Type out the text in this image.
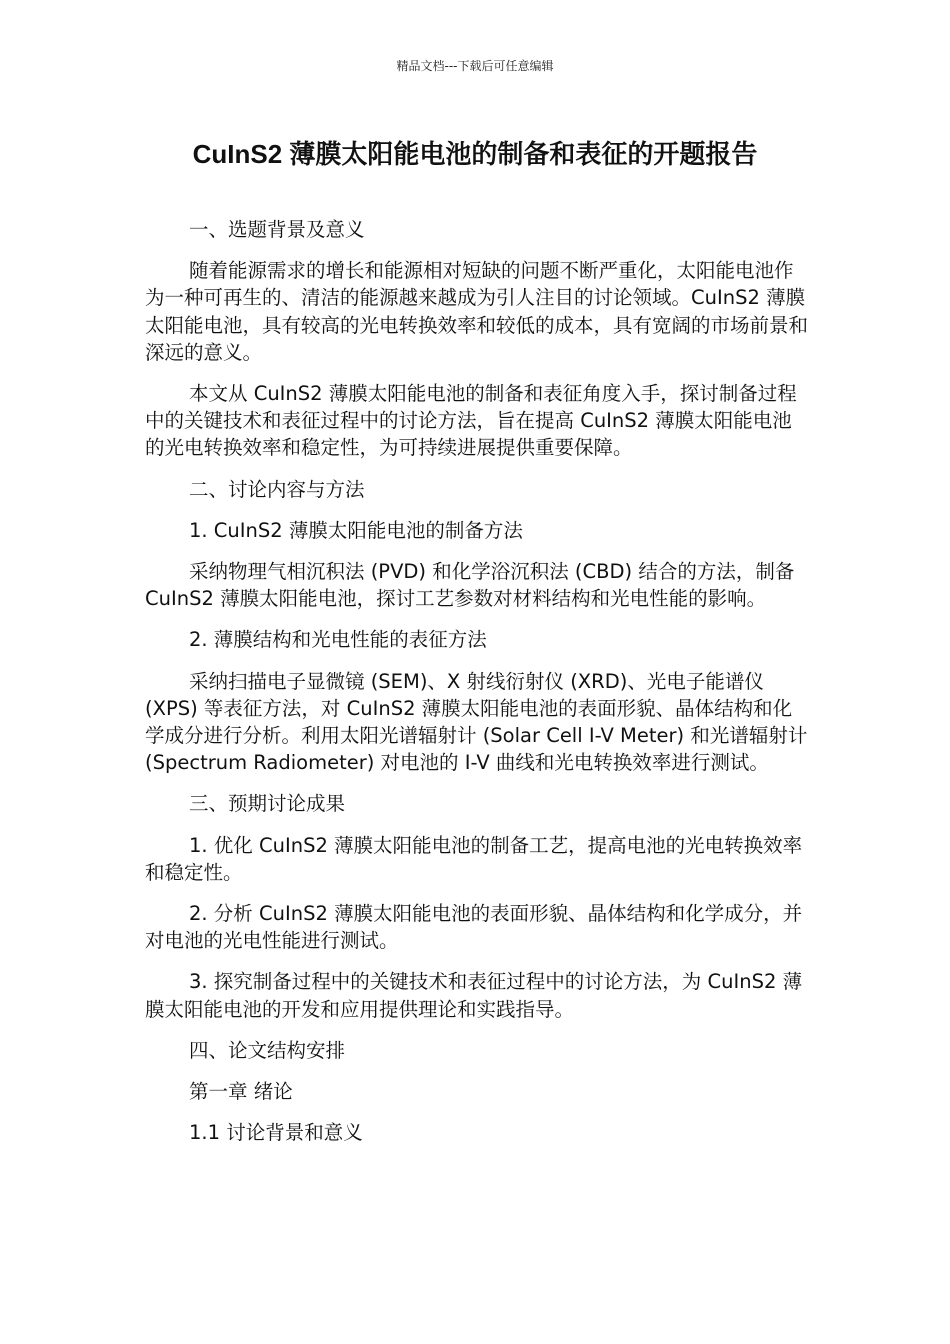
精品文档---下载后可任意编辑
CuInS2 薄膜太阳能电池的制备和表征的开题报告

一、选题背景及意义

随着能源需求的增长和能源相对短缺的问题不断严重化，太阳能电池作为一种可再生的、清洁的能源越来越成为引人注目的讨论领域。CuInS2 薄膜太阳能电池，具有较高的光电转换效率和较低的成本，具有宽阔的市场前景和深远的意义。

本文从 CuInS2 薄膜太阳能电池的制备和表征角度入手，探讨制备过程中的关键技术和表征过程中的讨论方法，旨在提高 CuInS2 薄膜太阳能电池的光电转换效率和稳定性，为可持续进展提供重要保障。

二、讨论内容与方法

1. CuInS2 薄膜太阳能电池的制备方法

采纳物理气相沉积法 (PVD) 和化学浴沉积法 (CBD) 结合的方法，制备 CuInS2 薄膜太阳能电池，探讨工艺参数对材料结构和光电性能的影响。

2. 薄膜结构和光电性能的表征方法

采纳扫描电子显微镜 (SEM)、X 射线衍射仪 (XRD)、光电子能谱仪 (XPS) 等表征方法，对 CuInS2 薄膜太阳能电池的表面形貌、晶体结构和化学成分进行分析。利用太阳光谱辐射计 (Solar Cell I-V Meter) 和光谱辐射计 (Spectrum Radiometer) 对电池的 I-V 曲线和光电转换效率进行测试。

三、预期讨论成果

1. 优化 CuInS2 薄膜太阳能电池的制备工艺，提高电池的光电转换效率和稳定性。

2. 分析 CuInS2 薄膜太阳能电池的表面形貌、晶体结构和化学成分，并对电池的光电性能进行测试。

3. 探究制备过程中的关键技术和表征过程中的讨论方法，为 CuInS2 薄膜太阳能电池的开发和应用提供理论和实践指导。

四、论文结构安排

第一章 绪论

1.1 讨论背景和意义
